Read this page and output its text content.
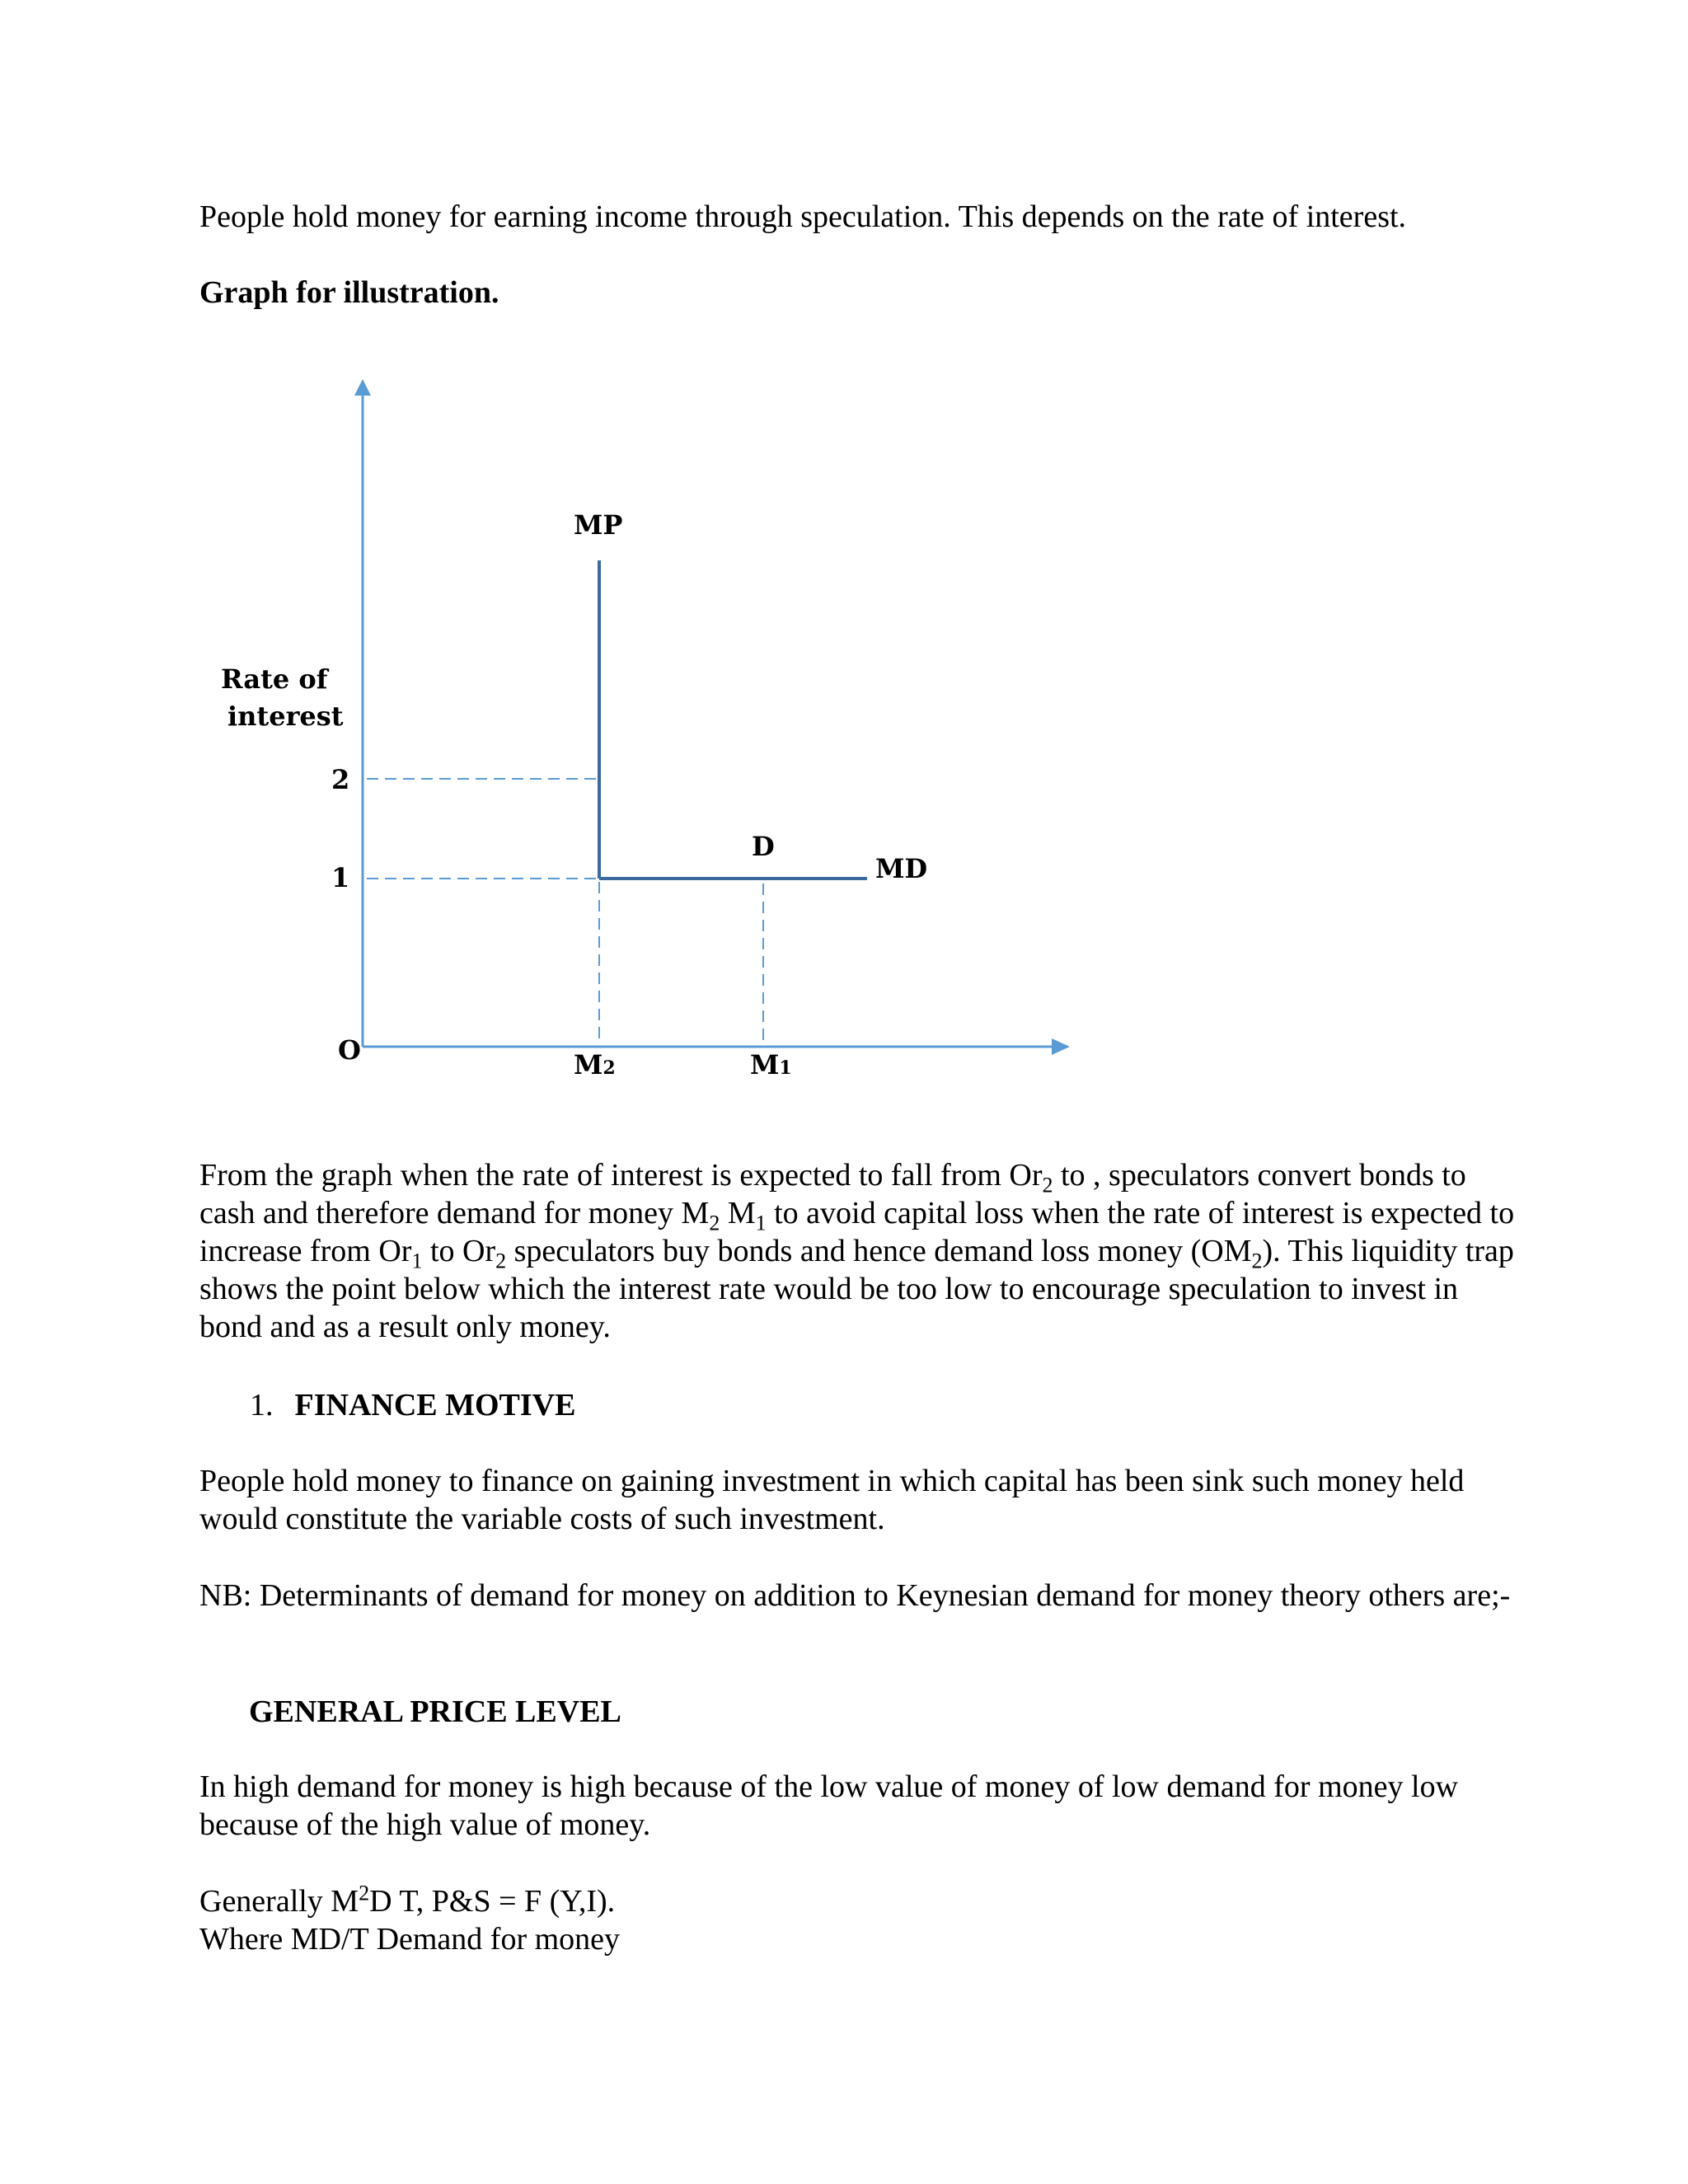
People hold money for earning income through speculation. This depends on the rate of interest.

Graph for illustration.

Rate of
interest
2
1
O
MP
D
MD
M2	M1

From the graph when the rate of interest is expected to fall from $Or_2$ to , speculators convert bonds to cash and therefore demand for money $M_2$ $M_1$ to avoid capital loss when the rate of interest is expected to increase from $Or_1$ to $Or_2$ speculators buy bonds and hence demand loss money $(OM_2)$. This liquidity trap shows the point below which the interest rate would be too low to encourage speculation to invest in bond and as a result only money.

1. FINANCE MOTIVE

People hold money to finance on gaining investment in which capital has been sink such money held would constitute the variable costs of such investment.

NB: Determinants of demand for money on addition to Keynesian demand for money theory others are;-

GENERAL PRICE LEVEL

In high demand for money is high because of the low value of money of low demand for money low because of the high value of money.

Generally $M^2D$ T, P&S = F (Y,I).

Where MD/T Demand for money
